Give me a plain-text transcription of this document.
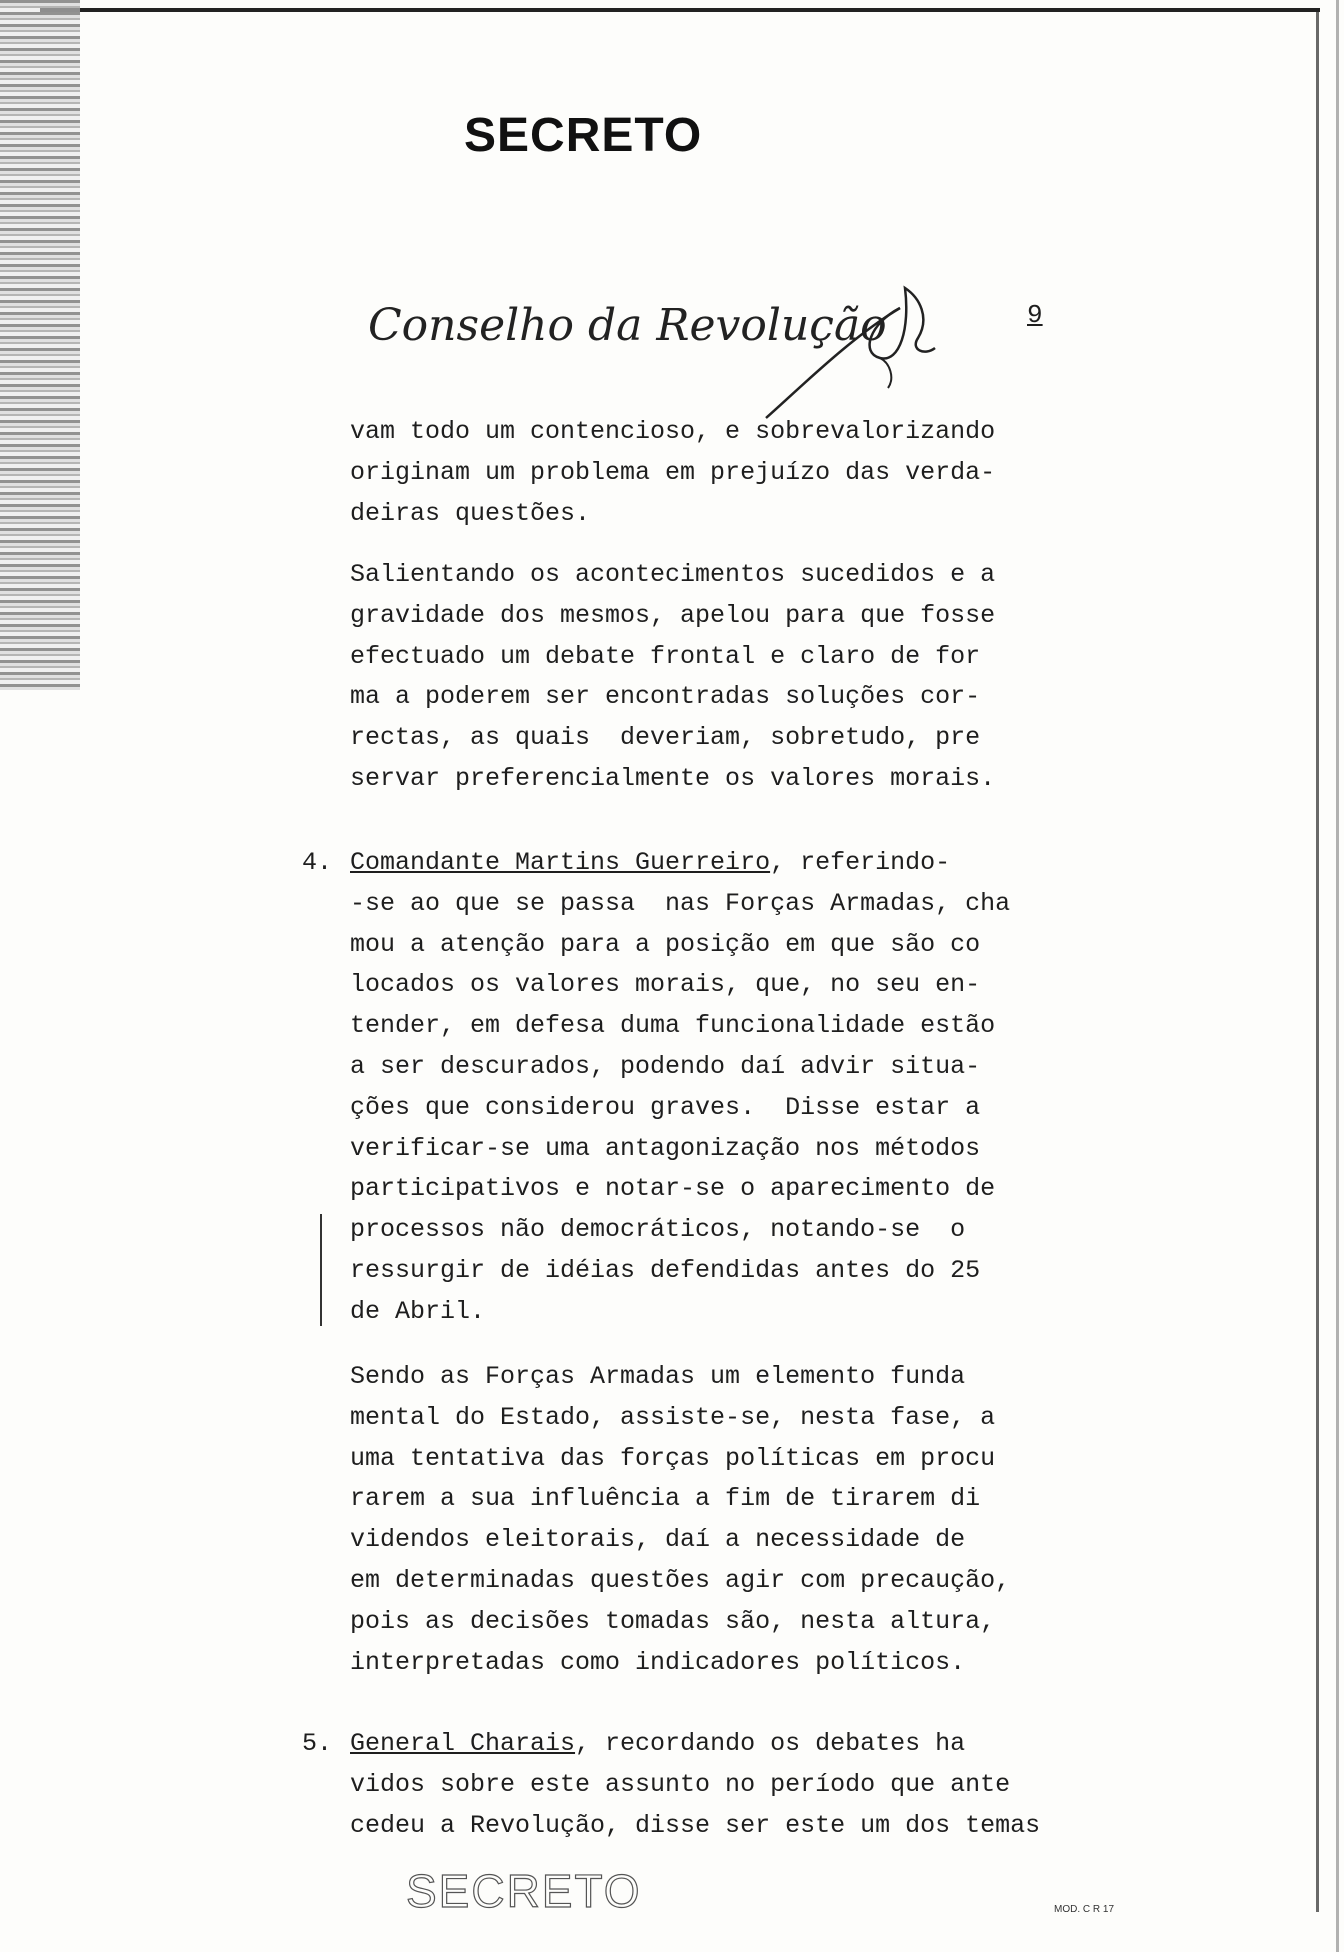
SECRETO
Conselho da Revolução	9
vam todo um contencioso, e sobrevalorizando
originam um problema em prejuízo das verda-
deiras questões.
Salientando os acontecimentos sucedidos e a
gravidade dos mesmos, apelou para que fosse
efectuado um debate frontal e claro de for
ma a poderem ser encontradas soluções cor-
rectas, as quais  deveriam, sobretudo, pre
servar preferencialmente os valores morais.
4. Comandante Martins Guerreiro, referindo-
-se ao que se passa  nas Forças Armadas, cha
mou a atenção para a posição em que são co
locados os valores morais, que, no seu en-
tender, em defesa duma funcionalidade estão
a ser descurados, podendo daí advir situa-
ções que considerou graves.  Disse estar a
verificar-se uma antagonização nos métodos
participativos e notar-se o aparecimento de
processos não democráticos, notando-se  o
ressurgir de idéias defendidas antes do 25
de Abril.
Sendo as Forças Armadas um elemento funda
mental do Estado, assiste-se, nesta fase, a
uma tentativa das forças políticas em procu
rarem a sua influência a fim de tirarem di
videndos eleitorais, daí a necessidade de
em determinadas questões agir com precaução,
pois as decisões tomadas são, nesta altura,
interpretadas como indicadores políticos.
5. General Charais, recordando os debates ha
vidos sobre este assunto no período que ante
cedeu a Revolução, disse ser este um dos temas
SECRETO	MOD. C R 17
